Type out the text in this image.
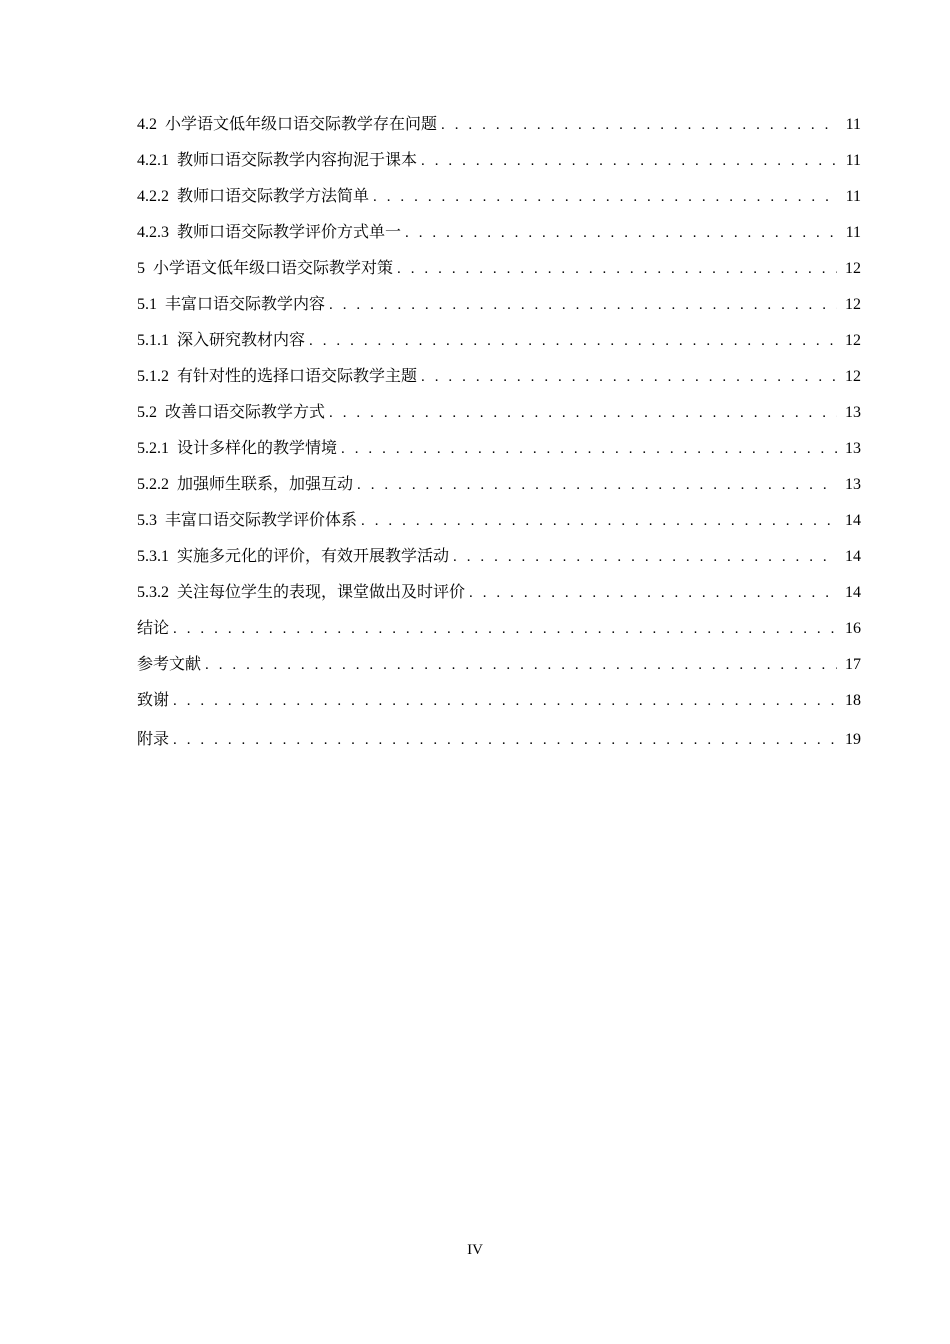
4.2 小学语文低年级口语交际教学存在问题 . . .	11
4.2.1 教师口语交际教学内容拘泥于课本 . . .	11
4.2.2 教师口语交际教学方法简单 . . .	11
4.2.3 教师口语交际教学评价方式单一 . . .	11
5 小学语文低年级口语交际教学对策 . . .	12
5.1 丰富口语交际教学内容 . . .	12
5.1.1 深入研究教材内容 . . .	12
5.1.2 有针对性的选择口语交际教学主题 . . .	12
5.2 改善口语交际教学方式 . . .	13
5.2.1 设计多样化的教学情境 . . .	13
5.2.2 加强师生联系，加强互动 . . .	13
5.3 丰富口语交际教学评价体系 . . .	14
5.3.1 实施多元化的评价，有效开展教学活动 . . .	14
5.3.2 关注每位学生的表现，课堂做出及时评价 . . .	14
结论 . . .	16
参考文献 . . .	17
致谢 . . .	18
附录 . . .	19
IV
